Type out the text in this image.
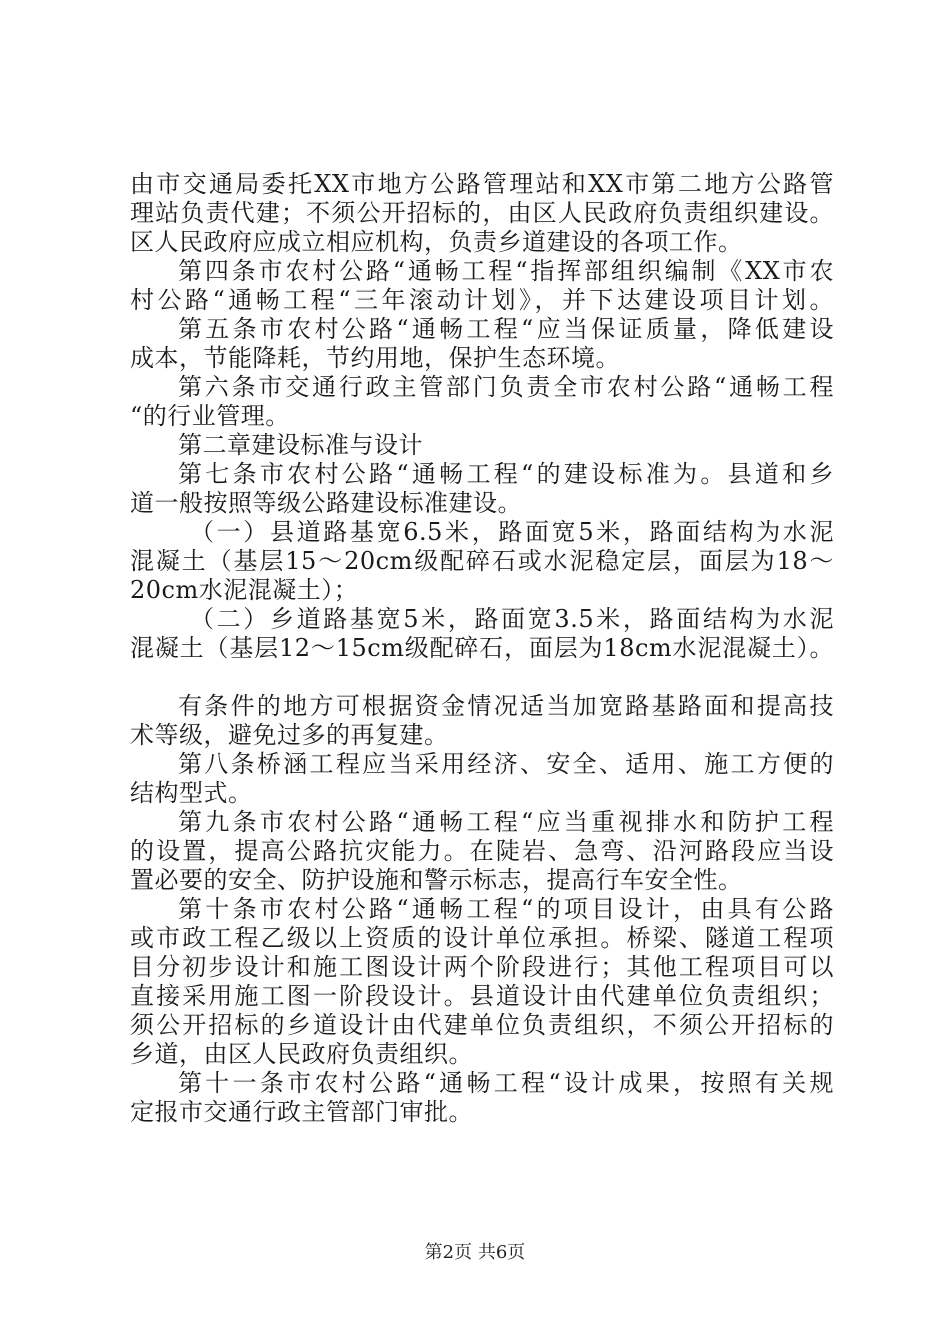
由市交通局委托XX市地方公路管理站和XX市第二地方公路管
理站负责代建；不须公开招标的，由区人民政府负责组织建设。
区人民政府应成立相应机构，负责乡道建设的各项工作。
第四条市农村公路“通畅工程“指挥部组织编制《XX市农
村公路“通畅工程“三年滚动计划》，并下达建设项目计划。
第五条市农村公路“通畅工程“应当保证质量，降低建设
成本，节能降耗，节约用地，保护生态环境。
第六条市交通行政主管部门负责全市农村公路“通畅工程
“的行业管理。
第二章建设标准与设计
第七条市农村公路“通畅工程“的建设标准为。县道和乡
道一般按照等级公路建设标准建设。
（一）县道路基宽6.5米，路面宽5米，路面结构为水泥
混凝土（基层15～20cm级配碎石或水泥稳定层，面层为18～
20cm水泥混凝土）；
（二）乡道路基宽5米，路面宽3.5米，路面结构为水泥
混凝土（基层12～15cm级配碎石，面层为18cm水泥混凝土）。
有条件的地方可根据资金情况适当加宽路基路面和提高技
术等级，避免过多的再复建。
第八条桥涵工程应当采用经济、安全、适用、施工方便的
结构型式。
第九条市农村公路“通畅工程“应当重视排水和防护工程
的设置，提高公路抗灾能力。在陡岩、急弯、沿河路段应当设
置必要的安全、防护设施和警示标志，提高行车安全性。
第十条市农村公路“通畅工程“的项目设计，由具有公路
或市政工程乙级以上资质的设计单位承担。桥梁、隧道工程项
目分初步设计和施工图设计两个阶段进行；其他工程项目可以
直接采用施工图一阶段设计。县道设计由代建单位负责组织；
须公开招标的乡道设计由代建单位负责组织，不须公开招标的
乡道，由区人民政府负责组织。
第十一条市农村公路“通畅工程“设计成果，按照有关规
定报市交通行政主管部门审批。
第2页 共6页
